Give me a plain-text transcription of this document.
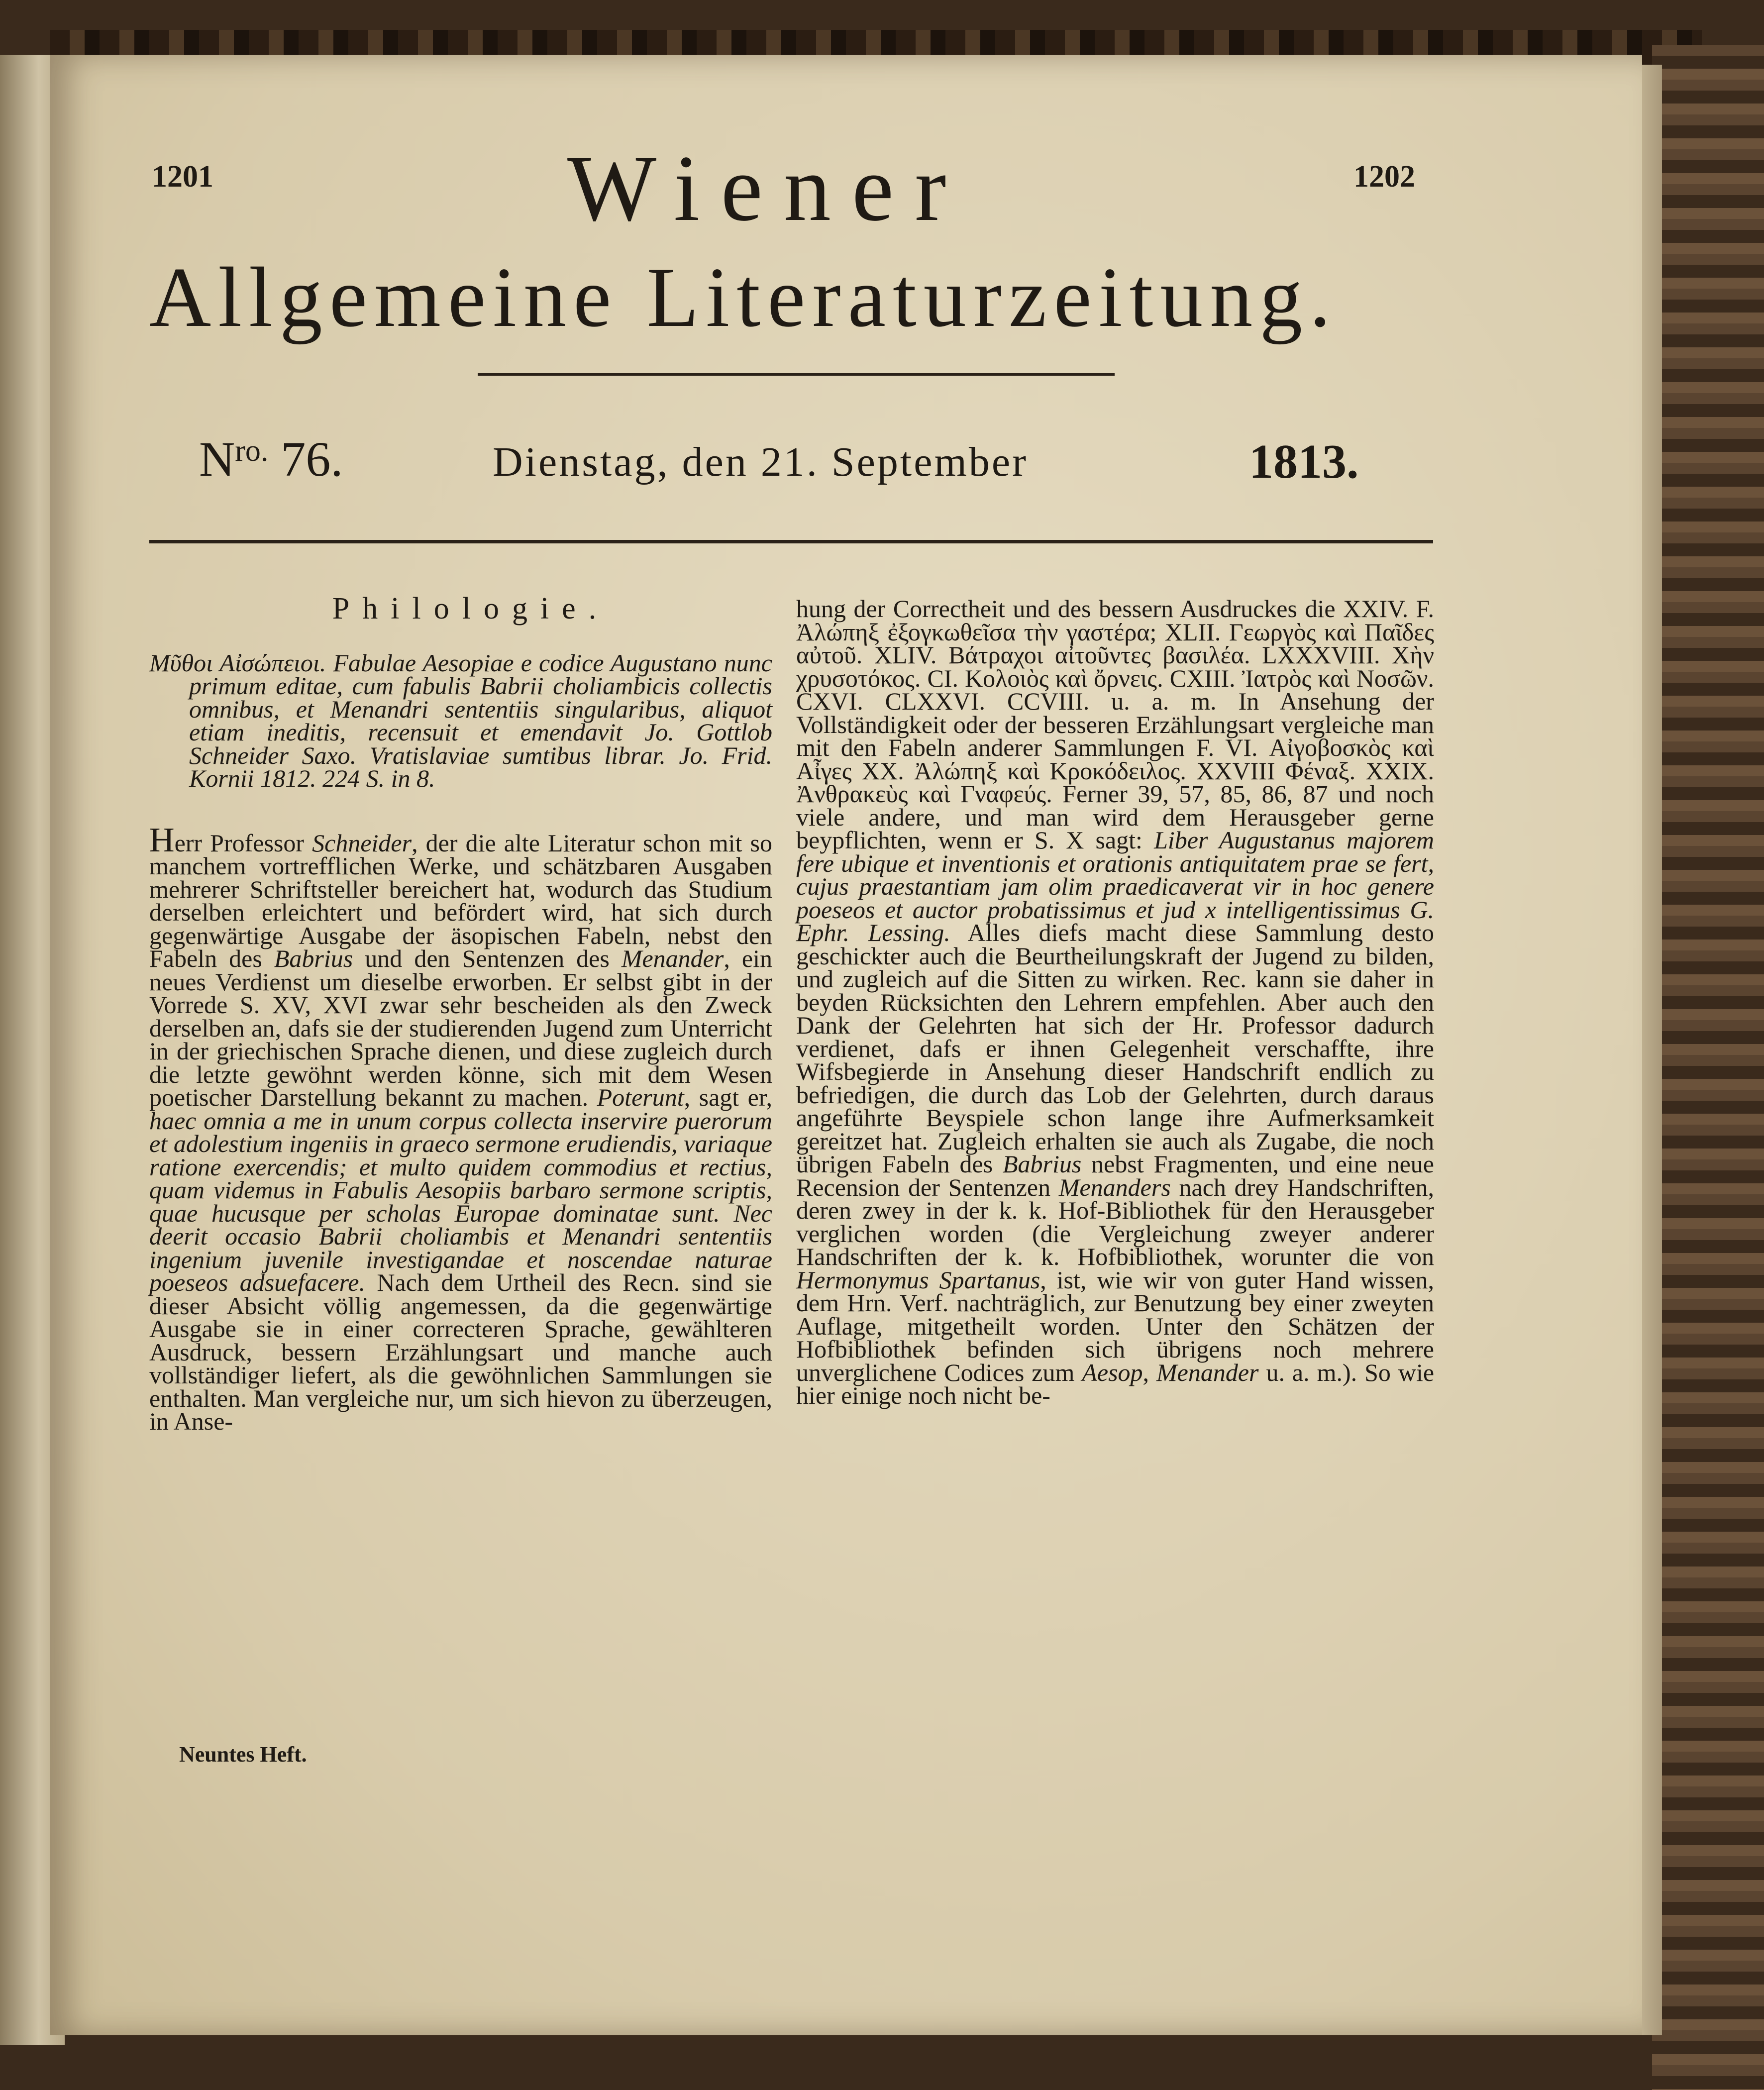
1201	1202
Wiener
Allgemeine Literaturzeitung.
$N^{ro.}$ 76.	Dienstag, den 21. September	1813.

Philologie.

Μῦθοι Αἰσώπειοι. Fabulae Aesopiae e codice Augustano nunc primum editae, cum fabulis Babrii choliambicis collectis omnibus, et Menandri sententiis singularibus, aliquot etiam ineditis, recensuit et emendavit Jo. Gottlob Schneider Saxo. Vratislaviae sumtibus librar. Jo. Frid. Kornii 1812. 224 S. in 8.

Herr Professor Schneider, der die alte Literatur schon mit so manchem vortrefflichen Werke, und schätzbaren Ausgaben mehrerer Schriftsteller bereichert hat, wodurch das Studium derselben erleichtert und befördert wird, hat sich durch gegenwärtige Ausgabe der äsopischen Fabeln, nebst den Fabeln des Babrius und den Sentenzen des Menander, ein neues Verdienst um dieselbe erworben. Er selbst gibt in der Vorrede S. XV, XVI zwar sehr bescheiden als den Zweck derselben an, dafs sie der studierenden Jugend zum Unterricht in der griechischen Sprache dienen, und diese zugleich durch die letzte gewöhnt werden könne, sich mit dem Wesen poetischer Darstellung bekannt zu machen. Poterunt, sagt er, haec omnia a me in unum corpus collecta inservire puerorum et adolestium ingeniis in graeco sermone erudiendis, variaque ratione exercendis; et multo quidem commodius et rectius, quam videmus in Fabulis Aesopiis barbaro sermone scriptis, quae hucusque per scholas Europae dominatae sunt. Nec deerit occasio Babrii choliambis et Menandri sententiis ingenium juvenile investigandae et noscendae naturae poeseos adsuefacere. Nach dem Urtheil des Recn. sind sie dieser Absicht völlig angemessen, da die gegenwärtige Ausgabe sie in einer correcteren Sprache, gewählteren Ausdruck, bessern Erzählungsart und manche auch vollständiger liefert, als die gewöhnlichen Sammlungen sie enthalten. Man vergleiche nur, um sich hievon zu überzeugen, in Anse-

Neuntes Heft.

hung der Correctheit und des bessern Ausdruckes die XXIV. F. Ἀλώπηξ ἐξογκωθεῖσα τὴν γαστέρα; XLII. Γεωργὸς καὶ Παῖδες αὐτοῦ. XLIV. Βάτραχοι αἰτοῦντες βασιλέα. LXXXVIII. Χὴν χρυσοτόκος. CI. Κολοιὸς καὶ ὄρνεις. CXIII. Ἰατρὸς καὶ Νοσῶν. CXVI. CLXXVI. CCVIII. u. a. m. In Ansehung der Vollständigkeit oder der besseren Erzählungsart vergleiche man mit den Fabeln anderer Sammlungen F. VI. Αἰγοβοσκὸς καὶ Αἶγες XX. Ἀλώπηξ καὶ Κροκόδειλος. XXVIII Φέναξ. XXIX. Ἀνθρακεὺς καὶ Γναφεύς. Ferner 39, 57, 85, 86, 87 und noch viele andere, und man wird dem Herausgeber gerne beypflichten, wenn er S. X sagt: Liber Augustanus majorem fere ubique et inventionis et orationis antiquitatem prae se fert, cujus praestantiam jam olim praedicaverat vir in hoc genere poeseos et auctor probatissimus et jud x intelligentissimus G. Ephr. Lessing. Alles diefs macht diese Sammlung desto geschickter auch die Beurtheilungskraft der Jugend zu bilden, und zugleich auf die Sitten zu wirken. Rec. kann sie daher in beyden Rücksichten den Lehrern empfehlen. Aber auch den Dank der Gelehrten hat sich der Hr. Professor dadurch verdienet, dafs er ihnen Gelegenheit verschaffte, ihre Wifsbegierde in Ansehung dieser Handschrift endlich zu befriedigen, die durch das Lob der Gelehrten, durch daraus angeführte Beyspiele schon lange ihre Aufmerksamkeit gereitzet hat. Zugleich erhalten sie auch als Zugabe, die noch übrigen Fabeln des Babrius nebst Fragmenten, und eine neue Recension der Sentenzen Menanders nach drey Handschriften, deren zwey in der k. k. Hof-Bibliothek für den Herausgeber verglichen worden (die Vergleichung zweyer anderer Handschriften der k. k. Hofbibliothek, worunter die von Hermonymus Spartanus, ist, wie wir von guter Hand wissen, dem Hrn. Verf. nachträglich, zur Benutzung bey einer zweyten Auflage, mitgetheilt worden. Unter den Schätzen der Hofbibliothek befinden sich übrigens noch mehrere unverglichene Codices zum Aesop, Menander u. a. m.). So wie hier einige noch nicht be-
